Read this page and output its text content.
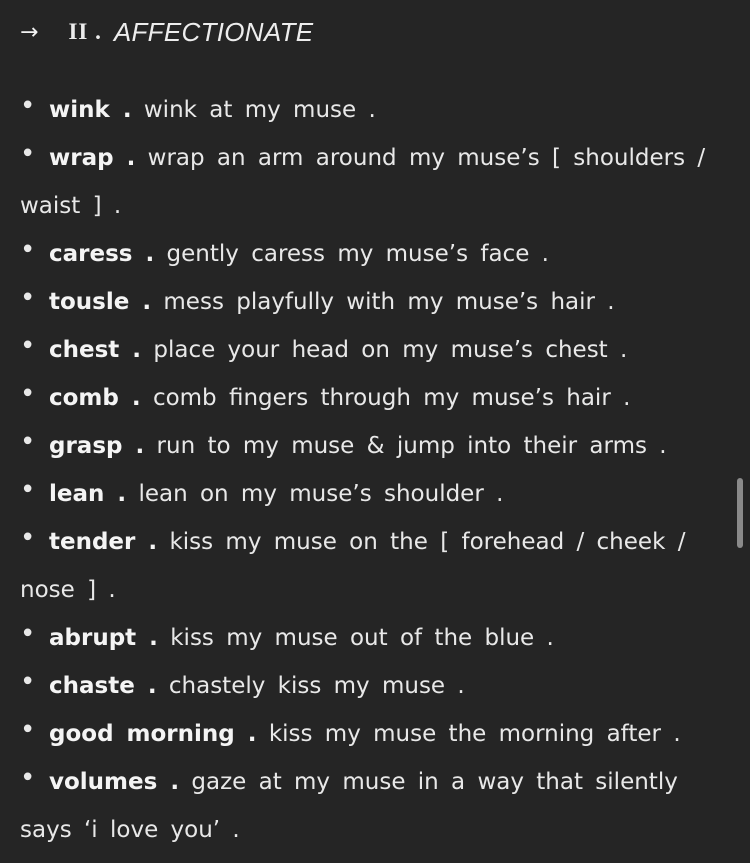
→ II . AFFECTIONATE
• wink . wink at my muse .
• wrap . wrap an arm around my muse’s [ shoulders / waist ] .
• caress . gently caress my muse’s face .
• tousle . mess playfully with my muse’s hair .
• chest . place your head on my muse’s chest .
• comb . comb fingers through my muse’s hair .
• grasp . run to my muse & jump into their arms .
• lean . lean on my muse’s shoulder .
• tender . kiss my muse on the [ forehead / cheek / nose ] .
• abrupt . kiss my muse out of the blue .
• chaste . chastely kiss my muse .
• good morning . kiss my muse the morning after .
• volumes . gaze at my muse in a way that silently says ‘i love you’ .
